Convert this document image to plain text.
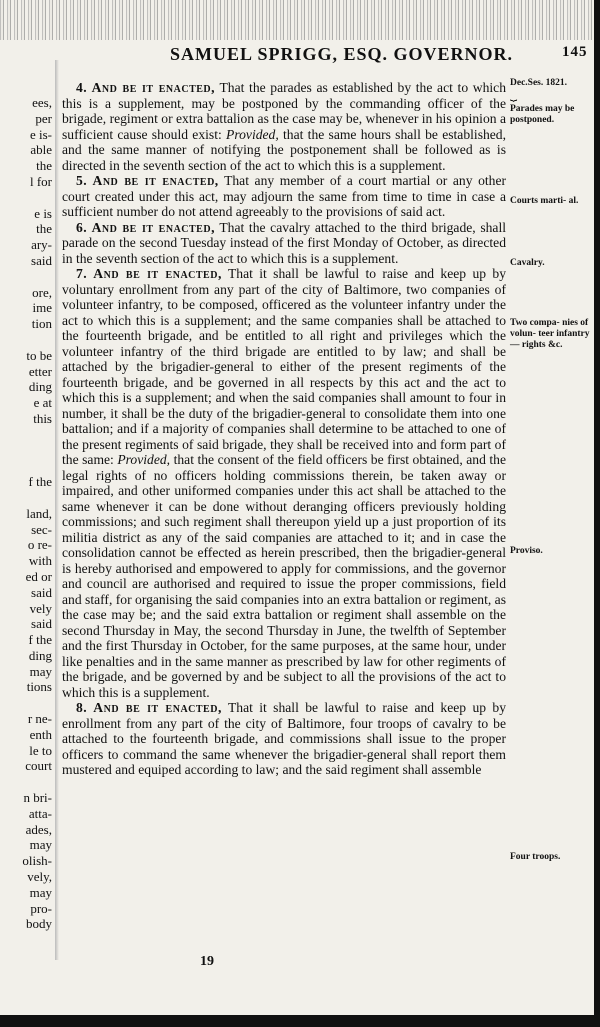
SAMUEL SPRIGG, ESQ. GOVERNOR.	145
ees,
per
e is-
able
the
l for
e is
the
ary-
said
ore,
ime
tion
to be
etter
ding
e at
this
f the
land,
sec-
o re-
with
ed or
said
vely
said
f the
ding
may
tions
r ne-
enth
le to
court
n bri-
atta-
ades,
may
olish-
vely,
may
pro-
body

4. And be it enacted, That the parades as established by the act to which this is a supplement, may be postponed by the commanding officer of the brigade, regiment or extra battalion as the case may be, whenever in his opinion a sufficient cause should exist: Provided, that the same hours shall be established, and the same manner of notifying the postponement shall be followed as is directed in the seventh section of the act to which this is a supplement.

5. And be it enacted, That any member of a court martial or any other court created under this act, may adjourn the same from time to time in case a sufficient number do not attend agreeably to the provisions of said act.

6. And be it enacted, That the cavalry attached to the third brigade, shall parade on the second Tuesday instead of the first Monday of October, as directed in the seventh section of the act to which this is a supplement.

7. And be it enacted, That it shall be lawful to raise and keep up by voluntary enrollment from any part of the city of Baltimore, two companies of volunteer infantry, to be composed, officered as the volunteer infantry under the act to which this is a supplement; and the same companies shall be attached to the fourteenth brigade, and be entitled to all right and privileges which the volunteer infantry of the third brigade are entitled to by law; and shall be attached by the brigadier-general to either of the present regiments of the fourteenth brigade, and be governed in all respects by this act and the act to which this is a supplement; and when the said companies shall amount to four in number, it shall be the duty of the brigadier-general to consolidate them into one battalion; and if a majority of companies shall determine to be attached to one of the present regiments of said brigade, they shall be received into and form part of the same: Provided, that the consent of the field officers be first obtained, and the legal rights of no officers holding commissions therein, be taken away or impaired, and other uniformed companies under this act shall be attached to the same whenever it can be done without deranging officers previously holding commissions; and such regiment shall thereupon yield up a just proportion of its militia district as any of the said companies are attached to it; and in case the consolidation cannot be effected as herein prescribed, then the brigadier-general is hereby authorised and empowered to apply for commissions, and the governor and council are authorised and required to issue the proper commissions, field and staff, for organising the said companies into an extra battalion or regiment, as the case may be; and the said extra battalion or regiment shall assemble on the second Thursday in May, the second Thursday in June, the twelfth of September and the first Thursday in October, for the same purposes, at the same hour, under like penalties and in the same manner as prescribed by law for other regiments of the brigade, and be governed by and be subject to all the provisions of the act to which this is a supplement.

8. And be it enacted, That it shall be lawful to raise and keep up by enrollment from any part of the city of Baltimore, four troops of cavalry to be attached to the fourteenth brigade, and commissions shall issue to the proper officers to command the same whenever the brigadier-general shall report them mustered and equiped according to law; and the said regiment shall assemble

Dec.Ses. 1821.
⏟
Parades may be postponed.
Courts marti- al.
Cavalry.
Two compa- nies of volun- teer infantry— rights &c.
Proviso.
Four troops.
19
